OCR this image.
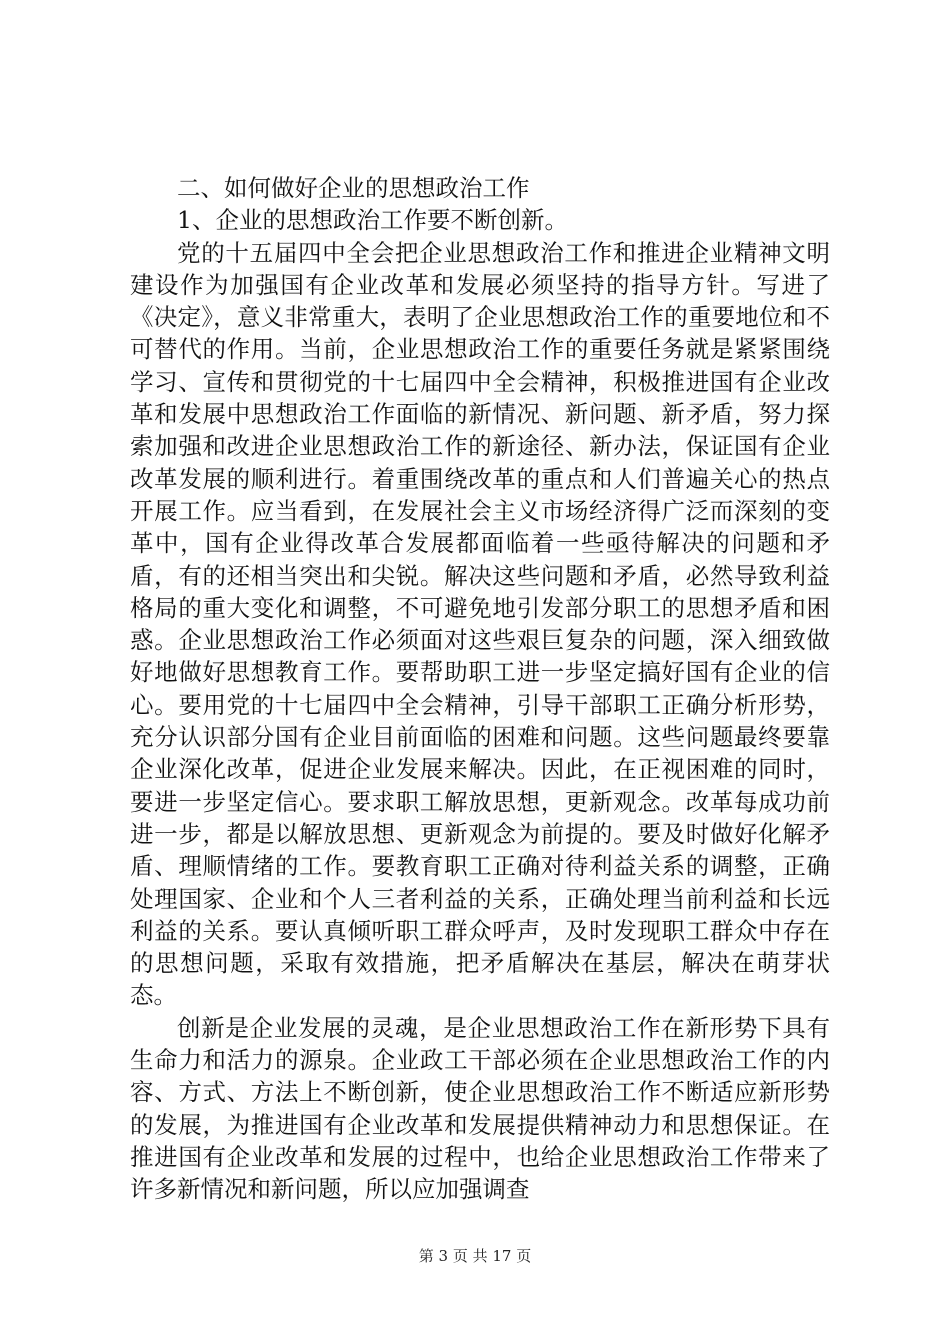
二、如何做好企业的思想政治工作

1、企业的思想政治工作要不断创新。

党的十五届四中全会把企业思想政治工作和推进企业精神文明建设作为加强国有企业改革和发展必须坚持的指导方针。写进了《决定》，意义非常重大，表明了企业思想政治工作的重要地位和不可替代的作用。当前，企业思想政治工作的重要任务就是紧紧围绕学习、宣传和贯彻党的十七届四中全会精神，积极推进国有企业改革和发展中思想政治工作面临的新情况、新问题、新矛盾，努力探索加强和改进企业思想政治工作的新途径、新办法，保证国有企业改革发展的顺利进行。着重围绕改革的重点和人们普遍关心的热点开展工作。应当看到，在发展社会主义市场经济得广泛而深刻的变革中，国有企业得改革合发展都面临着一些亟待解决的问题和矛盾，有的还相当突出和尖锐。解决这些问题和矛盾，必然导致利益格局的重大变化和调整，不可避免地引发部分职工的思想矛盾和困惑。企业思想政治工作必须面对这些艰巨复杂的问题，深入细致做好地做好思想教育工作。要帮助职工进一步坚定搞好国有企业的信心。要用党的十七届四中全会精神，引导干部职工正确分析形势，充分认识部分国有企业目前面临的困难和问题。这些问题最终要靠企业深化改革，促进企业发展来解决。因此，在正视困难的同时，要进一步坚定信心。要求职工解放思想，更新观念。改革每成功前进一步，都是以解放思想、更新观念为前提的。要及时做好化解矛盾、理顺情绪的工作。要教育职工正确对待利益关系的调整，正确处理国家、企业和个人三者利益的关系，正确处理当前利益和长远利益的关系。要认真倾听职工群众呼声，及时发现职工群众中存在的思想问题，采取有效措施，把矛盾解决在基层，解决在萌芽状态。

创新是企业发展的灵魂，是企业思想政治工作在新形势下具有生命力和活力的源泉。企业政工干部必须在企业思想政治工作的内容、方式、方法上不断创新，使企业思想政治工作不断适应新形势的发展，为推进国有企业改革和发展提供精神动力和思想保证。在推进国有企业改革和发展的过程中，也给企业思想政治工作带来了许多新情况和新问题，所以应加强调查

第 3 页 共 17 页
